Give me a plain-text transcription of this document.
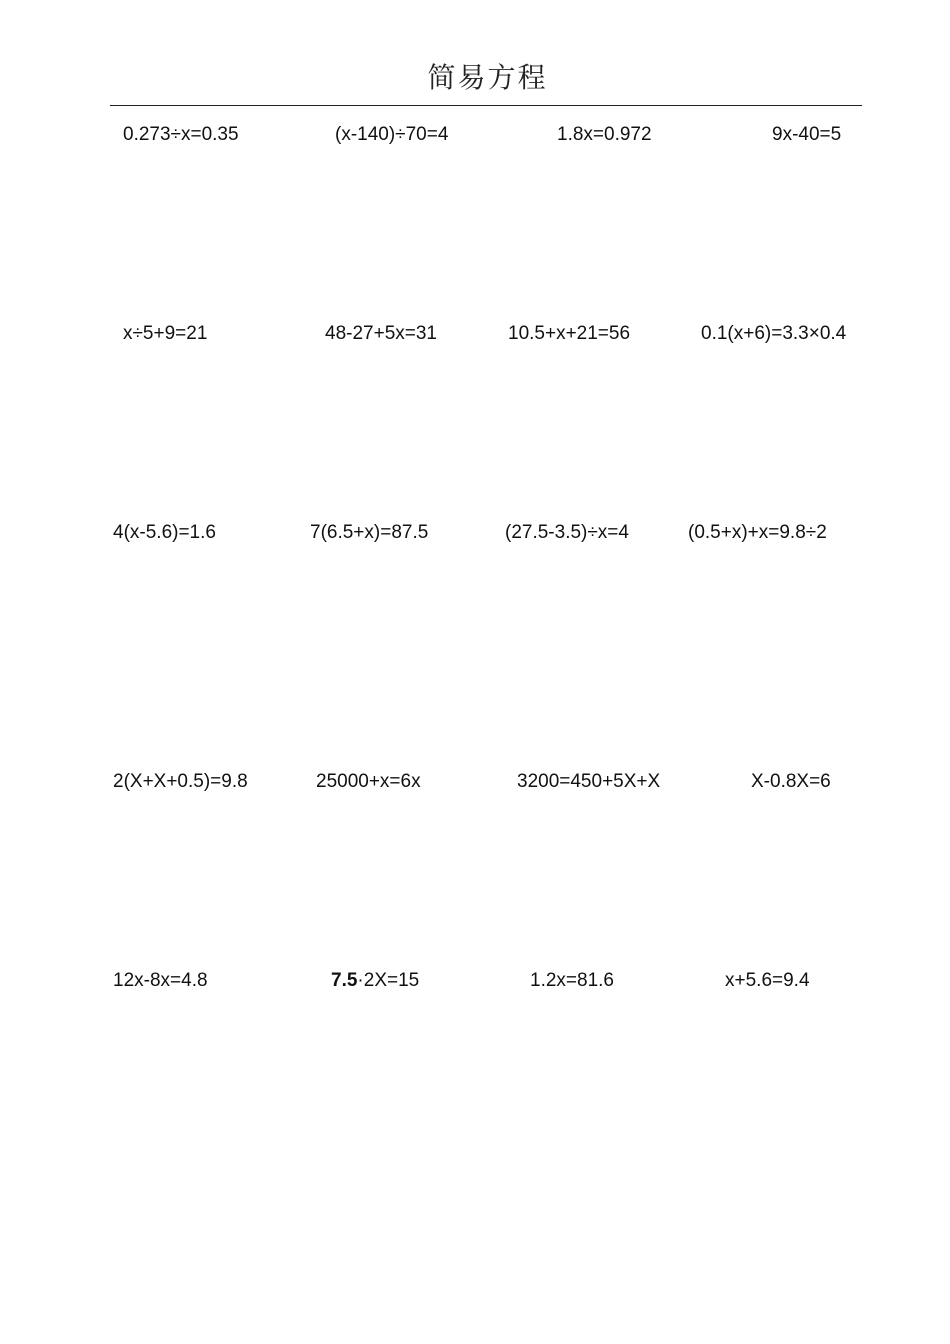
简易方程
0.273÷x=0.35	(x-140)÷70=4	1.8x=0.972	9x-40=5
x÷5+9=21	48-27+5x=31	10.5+x+21=56	0.1(x+6)=3.3×0.4
4(x-5.6)=1.6	7(6.5+x)=87.5	(27.5-3.5)÷x=4	(0.5+x)+x=9.8÷2
2(X+X+0.5)=9.8	25000+x=6x	3200=450+5X+X	X-0.8X=6
12x-8x=4.8	7.5·2X=15	1.2x=81.6	x+5.6=9.4
